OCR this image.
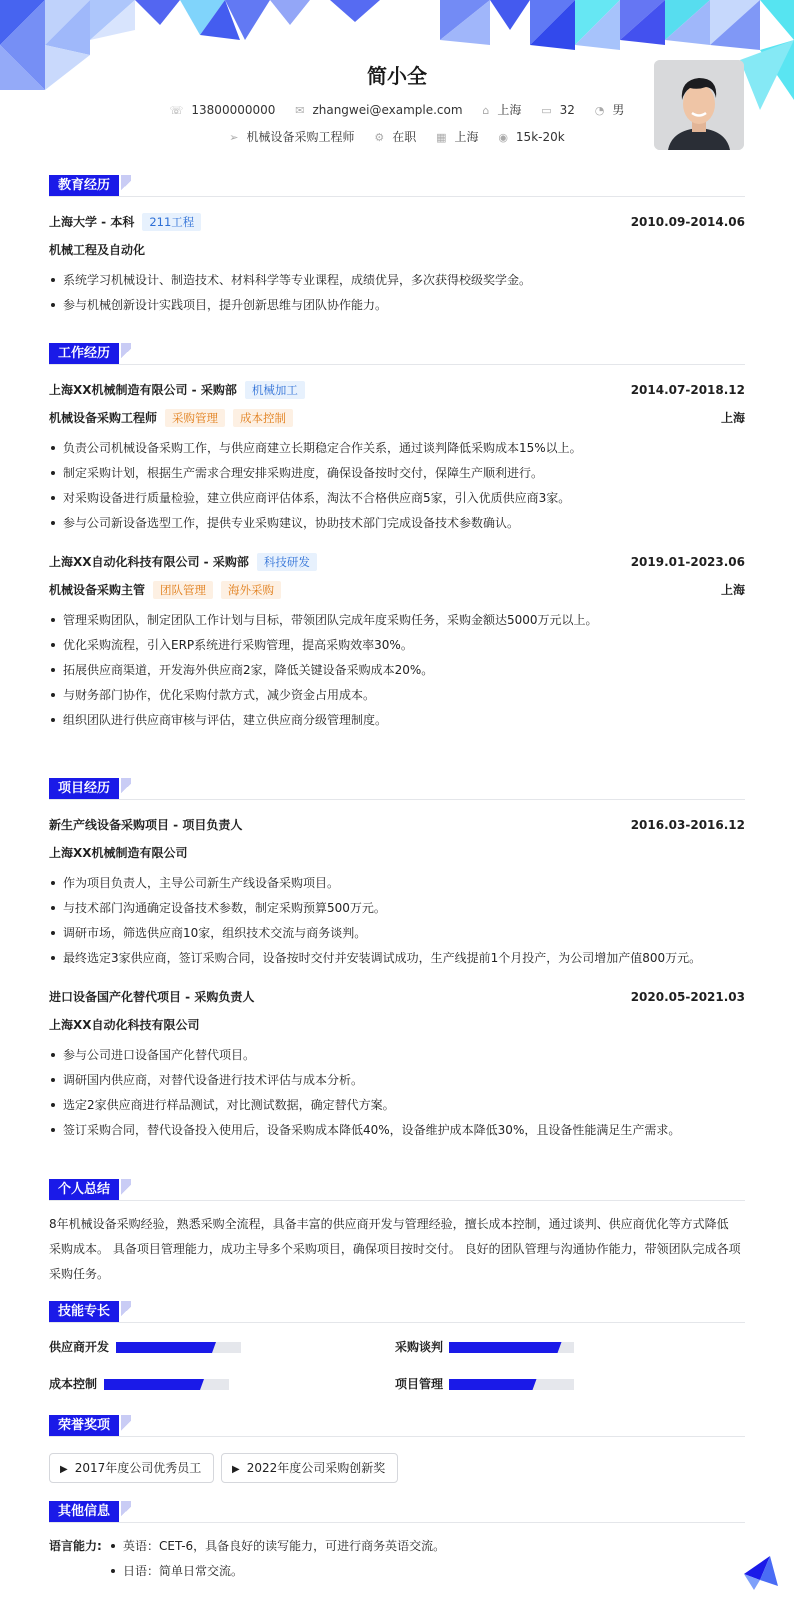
简小全
☏ 13800000000 ✉ zhangwei@example.com ⌂ 上海 ▭ 32 ◔ 男
➢ 机械设备采购工程师 ⚙ 在职 ▦ 上海 ◉ 15k-20k
教育经历
上海大学 - 本科 211工程	2010.09-2014.06
机械工程及自动化
系统学习机械设计、制造技术、材料科学等专业课程，成绩优异，多次获得校级奖学金。
参与机械创新设计实践项目，提升创新思维与团队协作能力。
工作经历
上海XX机械制造有限公司 - 采购部 机械加工	2014.07-2018.12
机械设备采购工程师 采购管理 成本控制	上海
负责公司机械设备采购工作，与供应商建立长期稳定合作关系，通过谈判降低采购成本15%以上。
制定采购计划，根据生产需求合理安排采购进度，确保设备按时交付，保障生产顺利进行。
对采购设备进行质量检验，建立供应商评估体系，淘汰不合格供应商5家，引入优质供应商3家。
参与公司新设备选型工作，提供专业采购建议，协助技术部门完成设备技术参数确认。
上海XX自动化科技有限公司 - 采购部 科技研发	2019.01-2023.06
机械设备采购主管 团队管理 海外采购	上海
管理采购团队，制定团队工作计划与目标，带领团队完成年度采购任务，采购金额达5000万元以上。
优化采购流程，引入ERP系统进行采购管理，提高采购效率30%。
拓展供应商渠道，开发海外供应商2家，降低关键设备采购成本20%。
与财务部门协作，优化采购付款方式，减少资金占用成本。
组织团队进行供应商审核与评估，建立供应商分级管理制度。
项目经历
新生产线设备采购项目 - 项目负责人	2016.03-2016.12
上海XX机械制造有限公司
作为项目负责人，主导公司新生产线设备采购项目。
与技术部门沟通确定设备技术参数，制定采购预算500万元。
调研市场，筛选供应商10家，组织技术交流与商务谈判。
最终选定3家供应商，签订采购合同，设备按时交付并安装调试成功，生产线提前1个月投产，为公司增加产值800万元。
进口设备国产化替代项目 - 采购负责人	2020.05-2021.03
上海XX自动化科技有限公司
参与公司进口设备国产化替代项目。
调研国内供应商，对替代设备进行技术评估与成本分析。
选定2家供应商进行样品测试，对比测试数据，确定替代方案。
签订采购合同，替代设备投入使用后，设备采购成本降低40%，设备维护成本降低30%，且设备性能满足生产需求。
个人总结
8年机械设备采购经验，熟悉采购全流程，具备丰富的供应商开发与管理经验，擅长成本控制，通过谈判、供应商优化等方式降低
采购成本。 具备项目管理能力，成功主导多个采购项目，确保项目按时交付。 良好的团队管理与沟通协作能力，带领团队完成各项
采购任务。
技能专长
供应商开发	采购谈判
成本控制	项目管理
荣誉奖项
▶ 2017年度公司优秀员工	▶ 2022年度公司采购创新奖
其他信息
语言能力:	英语：CET-6，具备良好的读写能力，可进行商务英语交流。
日语：简单日常交流。
